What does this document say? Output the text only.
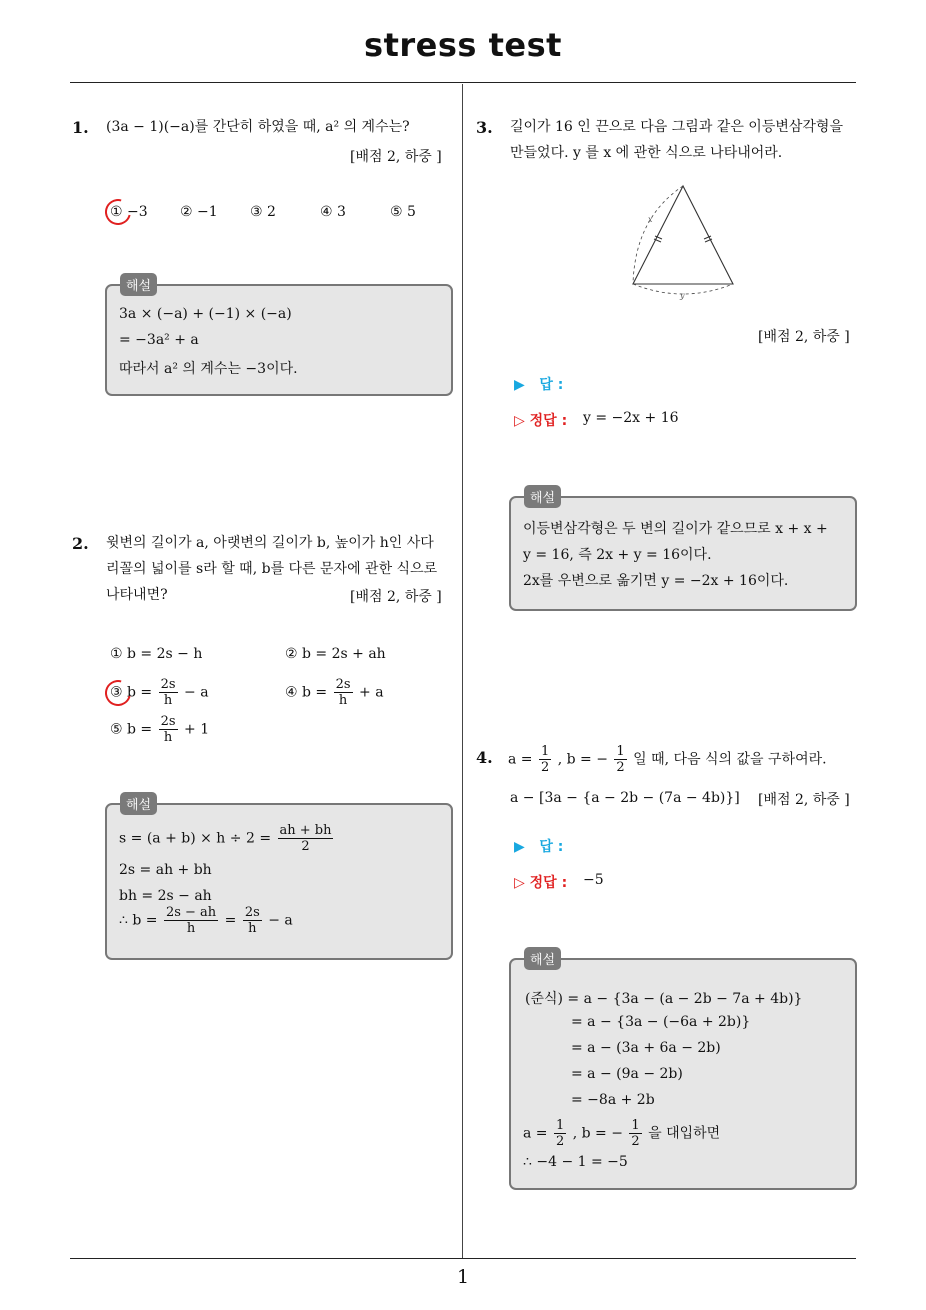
stress test
1. (3a − 1)(−a)를 간단히 하였을 때, a² 의 계수는?
[배점 2, 하중 ]
① −3 ② −1 ③ 2	④ 3	⑤ 5
3a × (−a) + (−1) × (−a)
= −3a² + a
따라서 a² 의 계수는 −3이다.
해설
2. 윗변의 길이가 a, 아랫변의 길이가 b, 높이가 h인 사다
리꼴의 넓이를 s라 할 때, b를 다른 문자에 관한 식으로
나타내면?	[배점 2, 하중 ]
① b = 2s − h	② b = 2s + ah
③ $b = \frac{2s}{h} - a$	④ $b = \frac{2s}{h} + a$
⑤ $b = \frac{2s}{h} + 1$
$s = (a + b) \times h \div 2 = \frac{ah + bh}{2}$
2s = ah + bh
bh = 2s − ah
∴ $b = \frac{2s - ah}{h} = \frac{2s}{h} - a$
해설
3. 길이가 16 인 끈으로 다음 그림과 같은 이등변삼각형을
만들었다. y 를 x 에 관한 식으로 나타내어라.
x
y
[배점 2, 하중 ]
▶ 답 :
▷ 정답 : y = −2x + 16
이등변삼각형은 두 변의 길이가 같으므로 x + x +
y = 16, 즉 2x + y = 16이다.
2x를 우변으로 옮기면 y = −2x + 16이다.
해설
4. $a = \frac{1}{2}$ , b = − $\frac{1}{2}$ 일 때, 다음 식의 값을 구하여라.
a − [3a − {a − 2b − (7a − 4b)}] [배점 2, 하중 ]
▶ 답 :
▷ 정답 : −5
(준식) = a − {3a − (a − 2b − 7a + 4b)}
= a − {3a − (−6a + 2b)}
= a − (3a + 6a − 2b)
= a − (9a − 2b)
= −8a + 2b
$a = \frac{1}{2}$ , b = − $\frac{1}{2}$ 을 대입하면
∴ −4 − 1 = −5
해설
1
